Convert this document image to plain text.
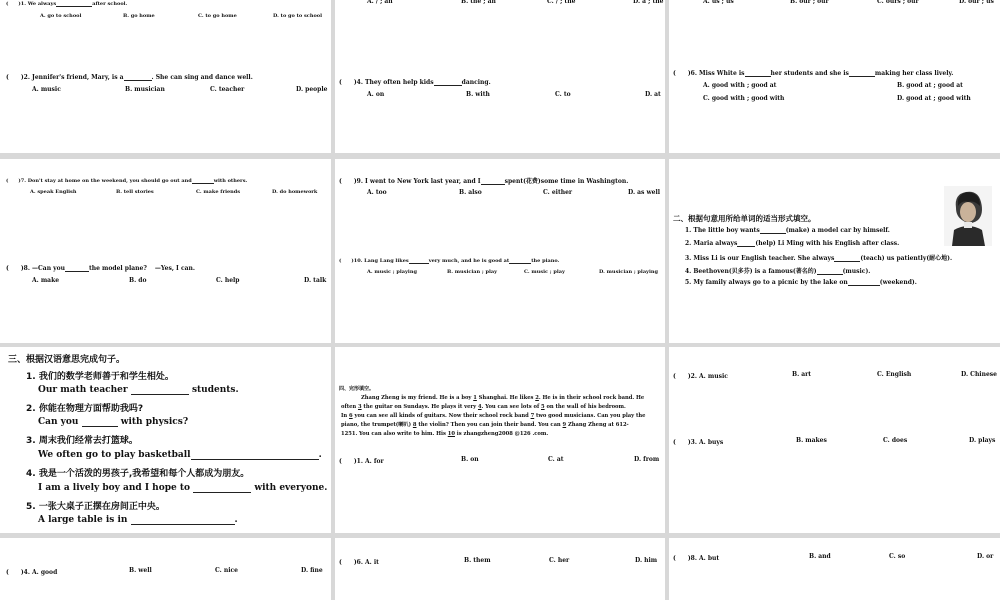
(　　)1. We always	after school.
A. go to school	B. go home	C. to go home	D. to go to school
(　　)2. Jennifer's friend, Mary, is a	. She can sing and dance well.
A. music	B. musician	C. teacher	D. people
A. / ; an	B. the ; an	C. / ; the	D. a ; the
(　　)4. They often help kids	dancing.
A. on	B. with	C. to	D. at
A. us ; us	B. our ; our	C. ours ; our	D. our ; us
(　　)6. Miss White is	her students and she is	making her class lively.
A. good with ; good at	B. good at ; good at
C. good with ; good with	D. good at ; good with
(　　)7. Don't stay at home on the weekend, you should go out and	with others.
A. speak English	B. tell stories	C. make friends	D. do homework
(　　)8. —Can you	the model plane?　 —Yes, I can.
A. make	B. do	C. help	D. talk
(　　)9. I went to New York last year, and I	spent(花费)some time in Washington.
A. too	B. also	C. either	D. as well
(　　)10. Lang Lang likes	very much, and he is good at	the piano.
A. music ; playing	B. musician ; play	C. music ; play	D. musician ; playing
二、根据句意用所给单词的适当形式填空。
1. The little boy wants	(make) a model car by himself.
2. Maria always	(help) Li Ming with his English after class.
3. Miss Li is our English teacher. She always	(teach) us patiently(耐心地).
4. Beethoven(贝多芬) is a famous(著名的)	(music).
5. My family always go to a picnic by the lake on	(weekend).
三、根据汉语意思完成句子。
1. 我们的数学老师善于和学生相处。
Our math teacher	students.
2. 你能在物理方面帮助我吗?
Can you	with physics?
3. 周末我们经常去打篮球。
We often go to play basketball	.
4. 我是一个活泼的男孩子,我希望和每个人都成为朋友。
I am a lively boy and I hope to	with everyone.
5. 一张大桌子正摆在房间正中央。
A large table is in	.
四、完形填空。
Zhang Zheng is my friend. He is a boy 1 Shanghai. He likes 2. He is in their school rock band. He
often 3 the guitar on Sundays. He plays it very 4. You can see lots of 5 on the wall of his bedroom.
In 6 you can see all kinds of guitars. Now their school rock band 7 two good musicians. Can you play the
piano, the trumpet(喇叭) 8 the violin? Then you can join their band. You can 9 Zhang Zheng at 612-
1251. You can also write to him. His 10 is zhangzheng2008 @126 .com.
(　　)1. A. for	B. on	C. at	D. from
(　　)2. A. music	B. art	C. English	D. Chinese
(　　)3. A. buys	B. makes	C. does	D. plays
(　　)4. A. good	B. well	C. nice	D. fine
(　　)6. A. it	B. them	C. her	D. him	(　　)8. A. but	B. and	C. so	D. or
